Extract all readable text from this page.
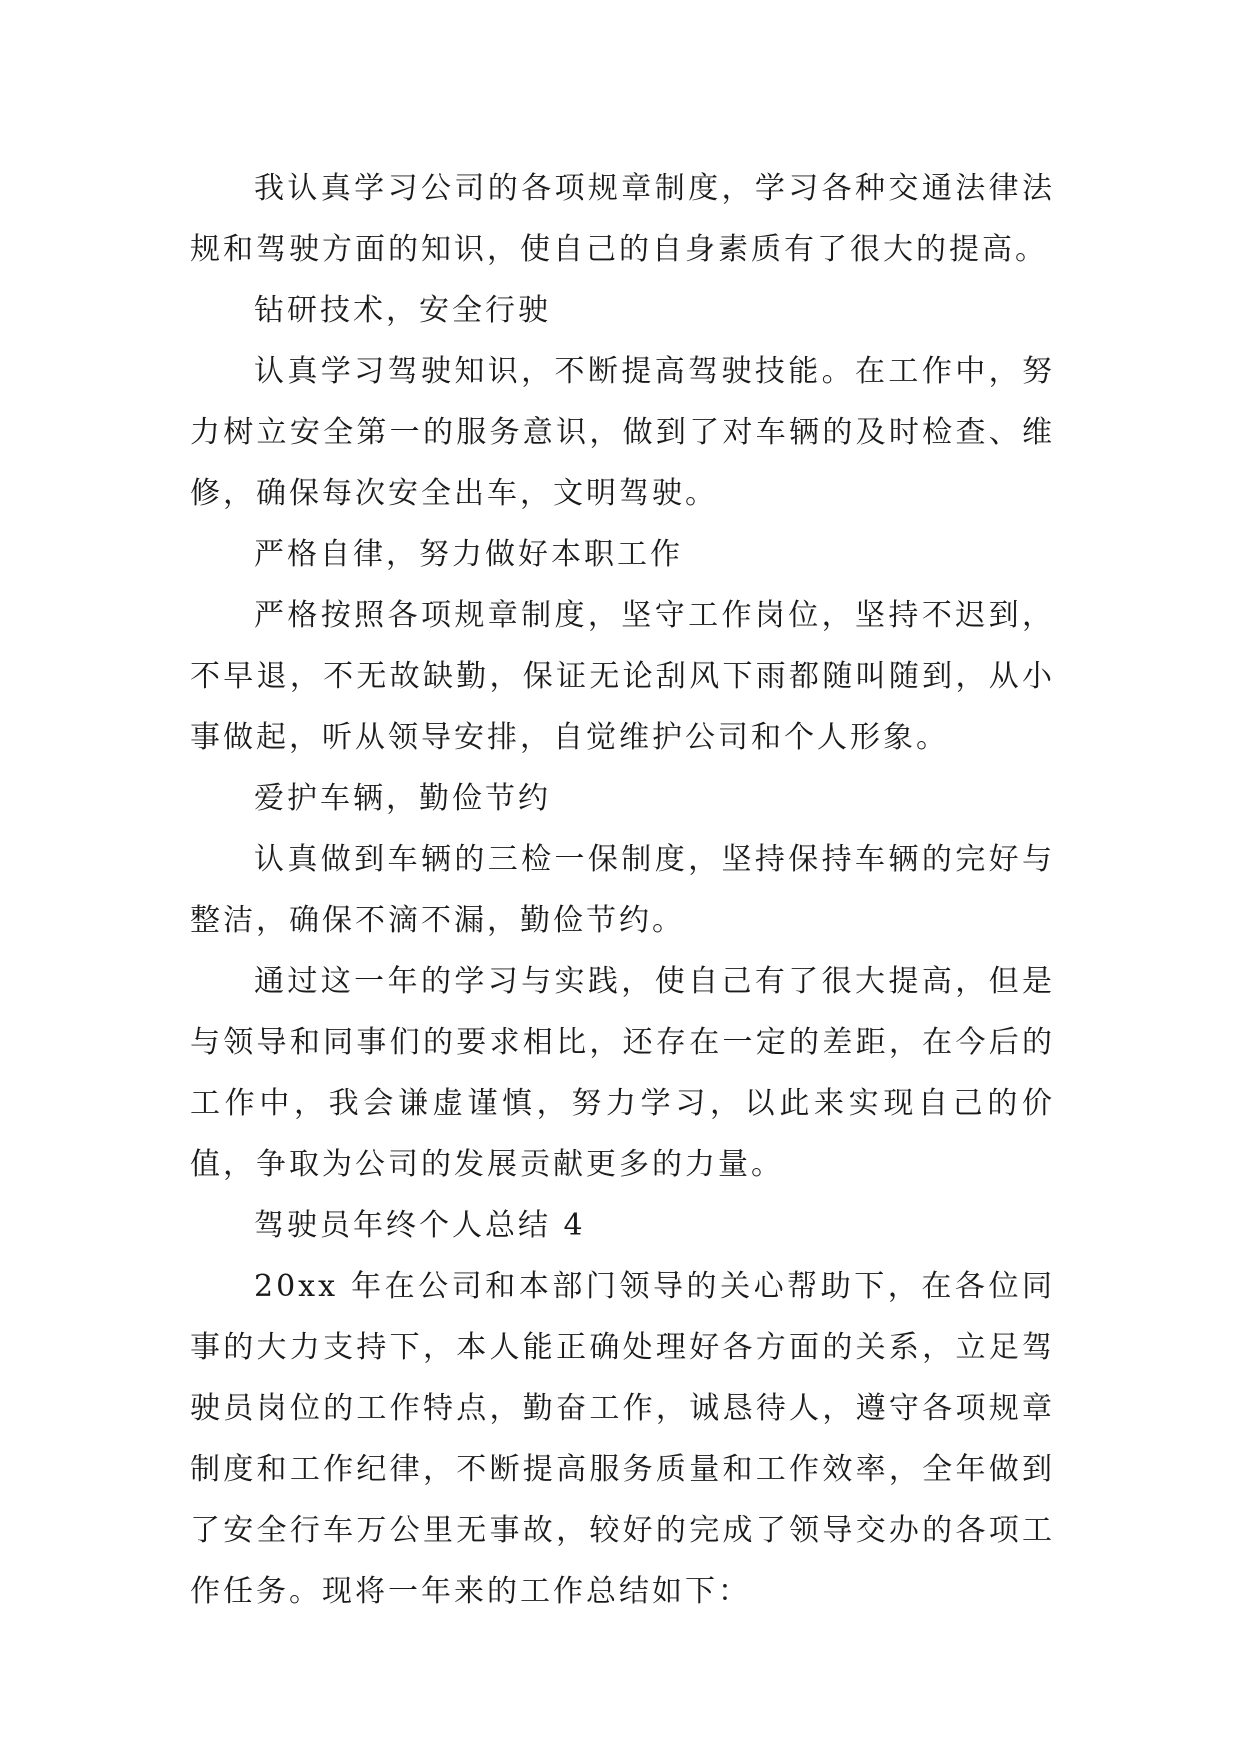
我认真学习公司的各项规章制度，学习各种交通法律法规和驾驶方面的知识，使自己的自身素质有了很大的提高。

钻研技术，安全行驶

认真学习驾驶知识，不断提高驾驶技能。在工作中，努力树立安全第一的服务意识，做到了对车辆的及时检查、维修，确保每次安全出车，文明驾驶。

严格自律，努力做好本职工作

严格按照各项规章制度，坚守工作岗位，坚持不迟到，不早退，不无故缺勤，保证无论刮风下雨都随叫随到，从小事做起，听从领导安排，自觉维护公司和个人形象。

爱护车辆，勤俭节约

认真做到车辆的三检一保制度，坚持保持车辆的完好与整洁，确保不滴不漏，勤俭节约。

通过这一年的学习与实践，使自己有了很大提高，但是与领导和同事们的要求相比，还存在一定的差距，在今后的工作中，我会谦虚谨慎，努力学习，以此来实现自己的价值，争取为公司的发展贡献更多的力量。

驾驶员年终个人总结 4

20xx 年在公司和本部门领导的关心帮助下，在各位同事的大力支持下，本人能正确处理好各方面的关系，立足驾驶员岗位的工作特点，勤奋工作，诚恳待人，遵守各项规章制度和工作纪律，不断提高服务质量和工作效率，全年做到了安全行车万公里无事故，较好的完成了领导交办的各项工作任务。现将一年来的工作总结如下：
